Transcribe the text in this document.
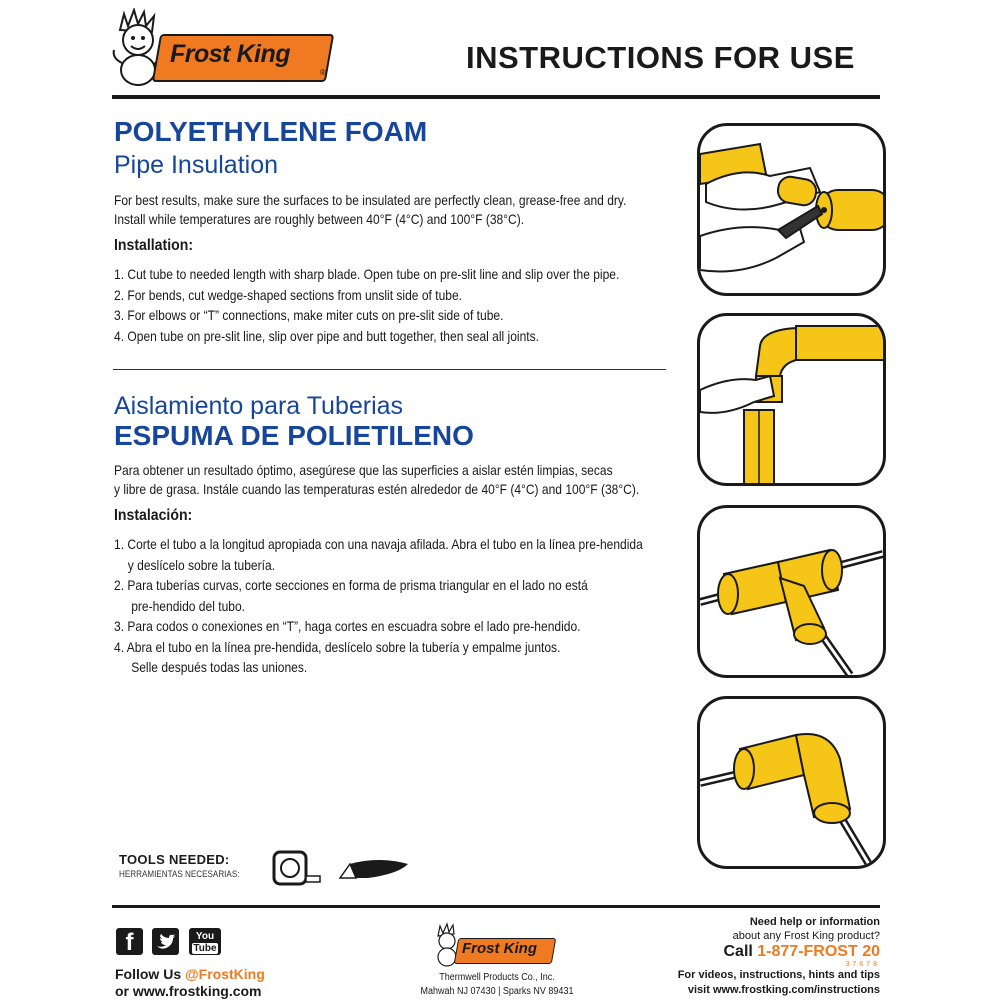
Frost King
®	INSTRUCTIONS FOR USE
POLYETHYLENE FOAM
Pipe Insulation
For best results, make sure the surfaces to be insulated are perfectly clean, grease-free and dry.
Install while temperatures are roughly between 40°F (4°C) and 100°F (38°C).
Installation:
1. Cut tube to needed length with sharp blade. Open tube on pre-slit line and slip over the pipe.
2. For bends, cut wedge-shaped sections from unslit side of tube.
3. For elbows or “T” connections, make miter cuts on pre-slit side of tube.
4. Open tube on pre-slit line, slip over pipe and butt together, then seal all joints.
Aislamiento para Tuberias
ESPUMA DE POLIETILENO
Para obtener un resultado óptimo, asegúrese que las superficies a aislar estén limpias, secas
y libre de grasa. Instále cuando las temperaturas estén alrededor de 40°F (4°C) and 100°F (38°C).
Instalación:
1. Corte el tubo a la longitud apropiada con una navaja afilada. Abra el tubo en la línea pre-hendida
y deslícelo sobre la tubería.
2. Para tuberías curvas, corte secciones en forma de prisma triangular en el lado no está
pre-hendido del tubo.
3. Para codos o conexiones en “T”, haga cortes en escuadra sobre el lado pre-hendido.
4. Abra el tubo en la línea pre-hendida, deslícelo sobre la tubería y empalme juntos.
Selle después todas las uniones.
TOOLS NEEDED:
HERRAMIENTAS NECESARIAS:
f	You
Tube
Follow Us @FrostKing
or www.frostking.com
Frost King
Thermwell Products Co., Inc.
Mahwah NJ 07430 | Sparks NV 89431
Need help or information
about any Frost King product?
Call 1-877-FROST 20
37678
For videos, instructions, hints and tips
visit www.frostking.com/instructions
